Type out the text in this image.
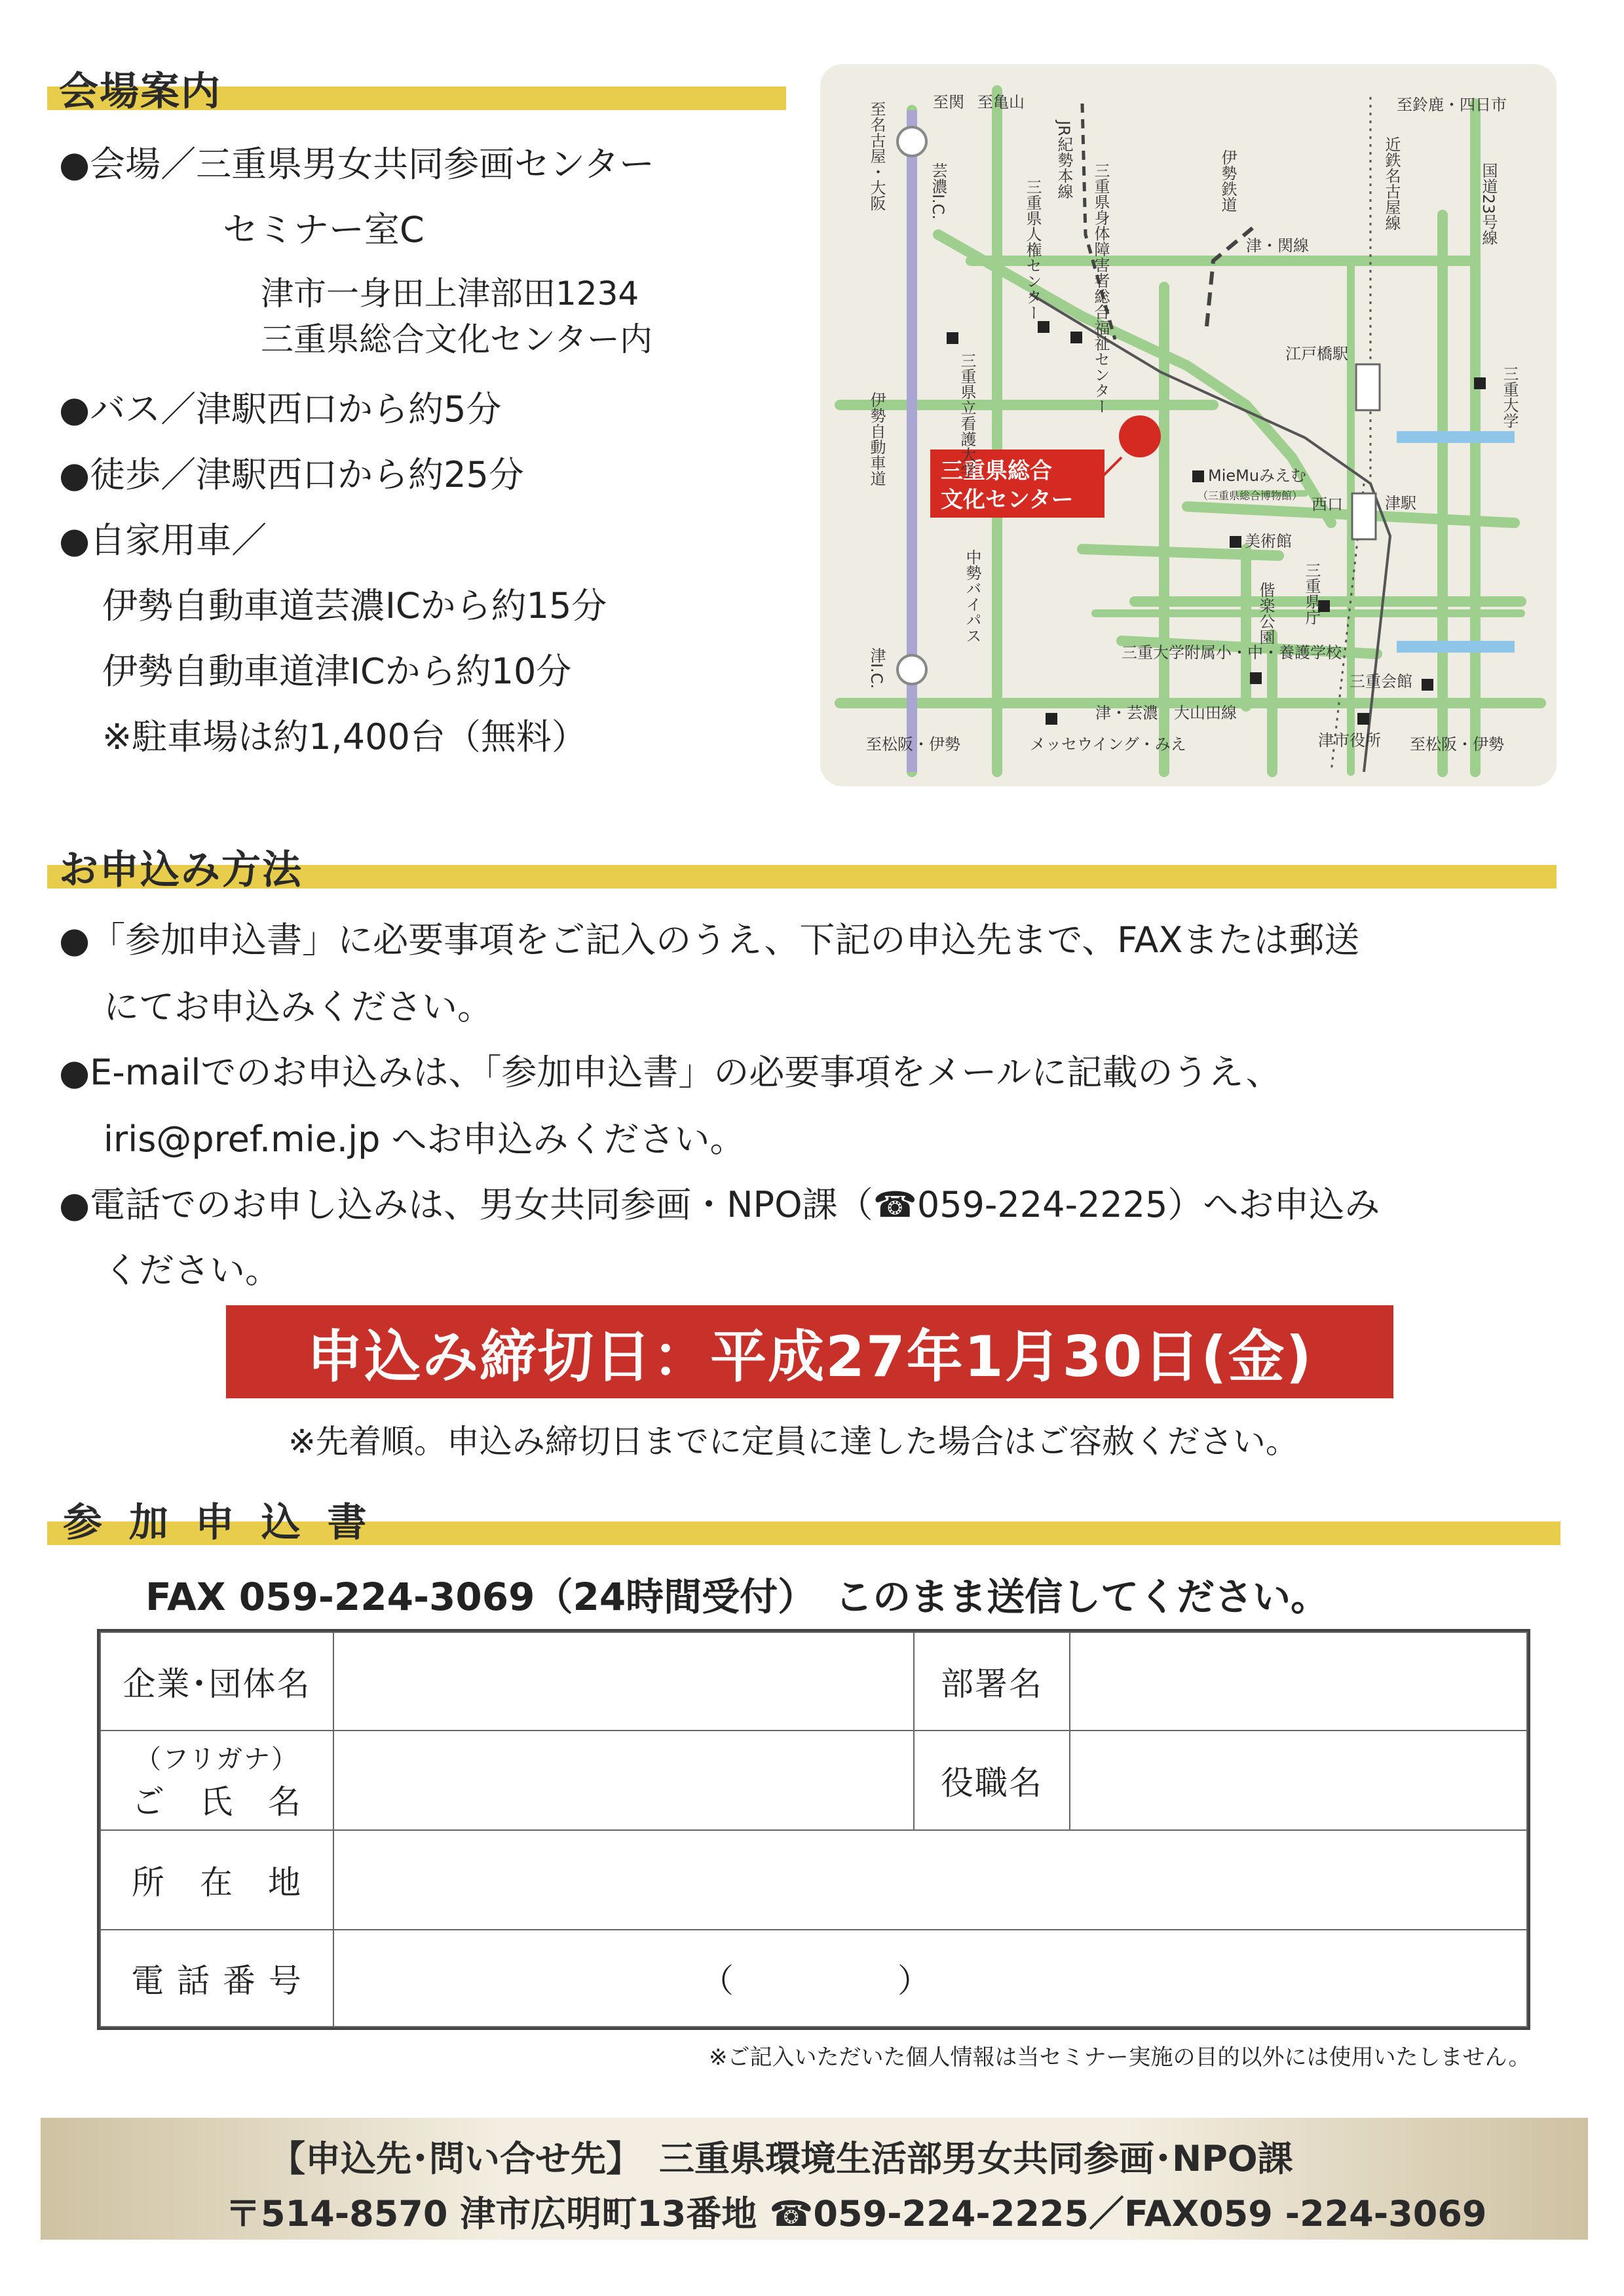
会場案内
●会場／三重県男女共同参画センター
セミナー室C
津市一身田上津部田1234
三重県総合文化センター内
●バス／津駅西口から約5分
●徒歩／津駅西口から約25分
●自家用車／
伊勢自動車道芸濃ICから約15分
伊勢自動車道津ICから約10分
※駐車場は約1,400台（無料）
三重県総合
文化センター
至関 至亀山	至鈴鹿・四日市
津・関線
江戸橋駅
MieMuみえむ
（三重県総合博物館） 西口	津駅
美術館
三重大学附属小・中・養護学校
三重会館
津・芸濃　大山田線
至松阪・伊勢	メッセウイング・みえ	津市役所 至松阪・伊勢
至名古屋・大阪	芸濃I.C.	JR紀勢本線
三重県人権センター	三重県身体障害者総合福祉センター	伊勢鉄道	近鉄名古屋線	国道23号線
三重大学
三重県立看護大学
伊勢自動車道
中勢バイパス	偕楽公園 三重県庁
津I.C.
お申込み方法
●「参加申込書」に必要事項をご記入のうえ、下記の申込先まで、FAXまたは郵送
にてお申込みください。
●E-mailでのお申込みは、「参加申込書」の必要事項をメールに記載のうえ、
iris@pref.mie.jp へお申込みください。
●電話でのお申し込みは、男女共同参画・NPO課（☎059-224-2225）へお申込み
ください。
申込み締切日：平成27年1月30日(金)
※先着順。申込み締切日までに定員に達した場合はご容赦ください。
参 加 申 込 書
FAX 059-224-3069（24時間受付）　このまま送信してください。
企業･団体名	部署名
（フリガナ）
ご　氏　名	役職名
所　在　地
電 話 番 号	（	）
※ご記入いただいた個人情報は当セミナー実施の目的以外には使用いたしません。
【申込先･問い合せ先】　三重県環境生活部男女共同参画･NPO課
〒514-8570 津市広明町13番地 ☎059-224-2225／FAX059 -224-3069
